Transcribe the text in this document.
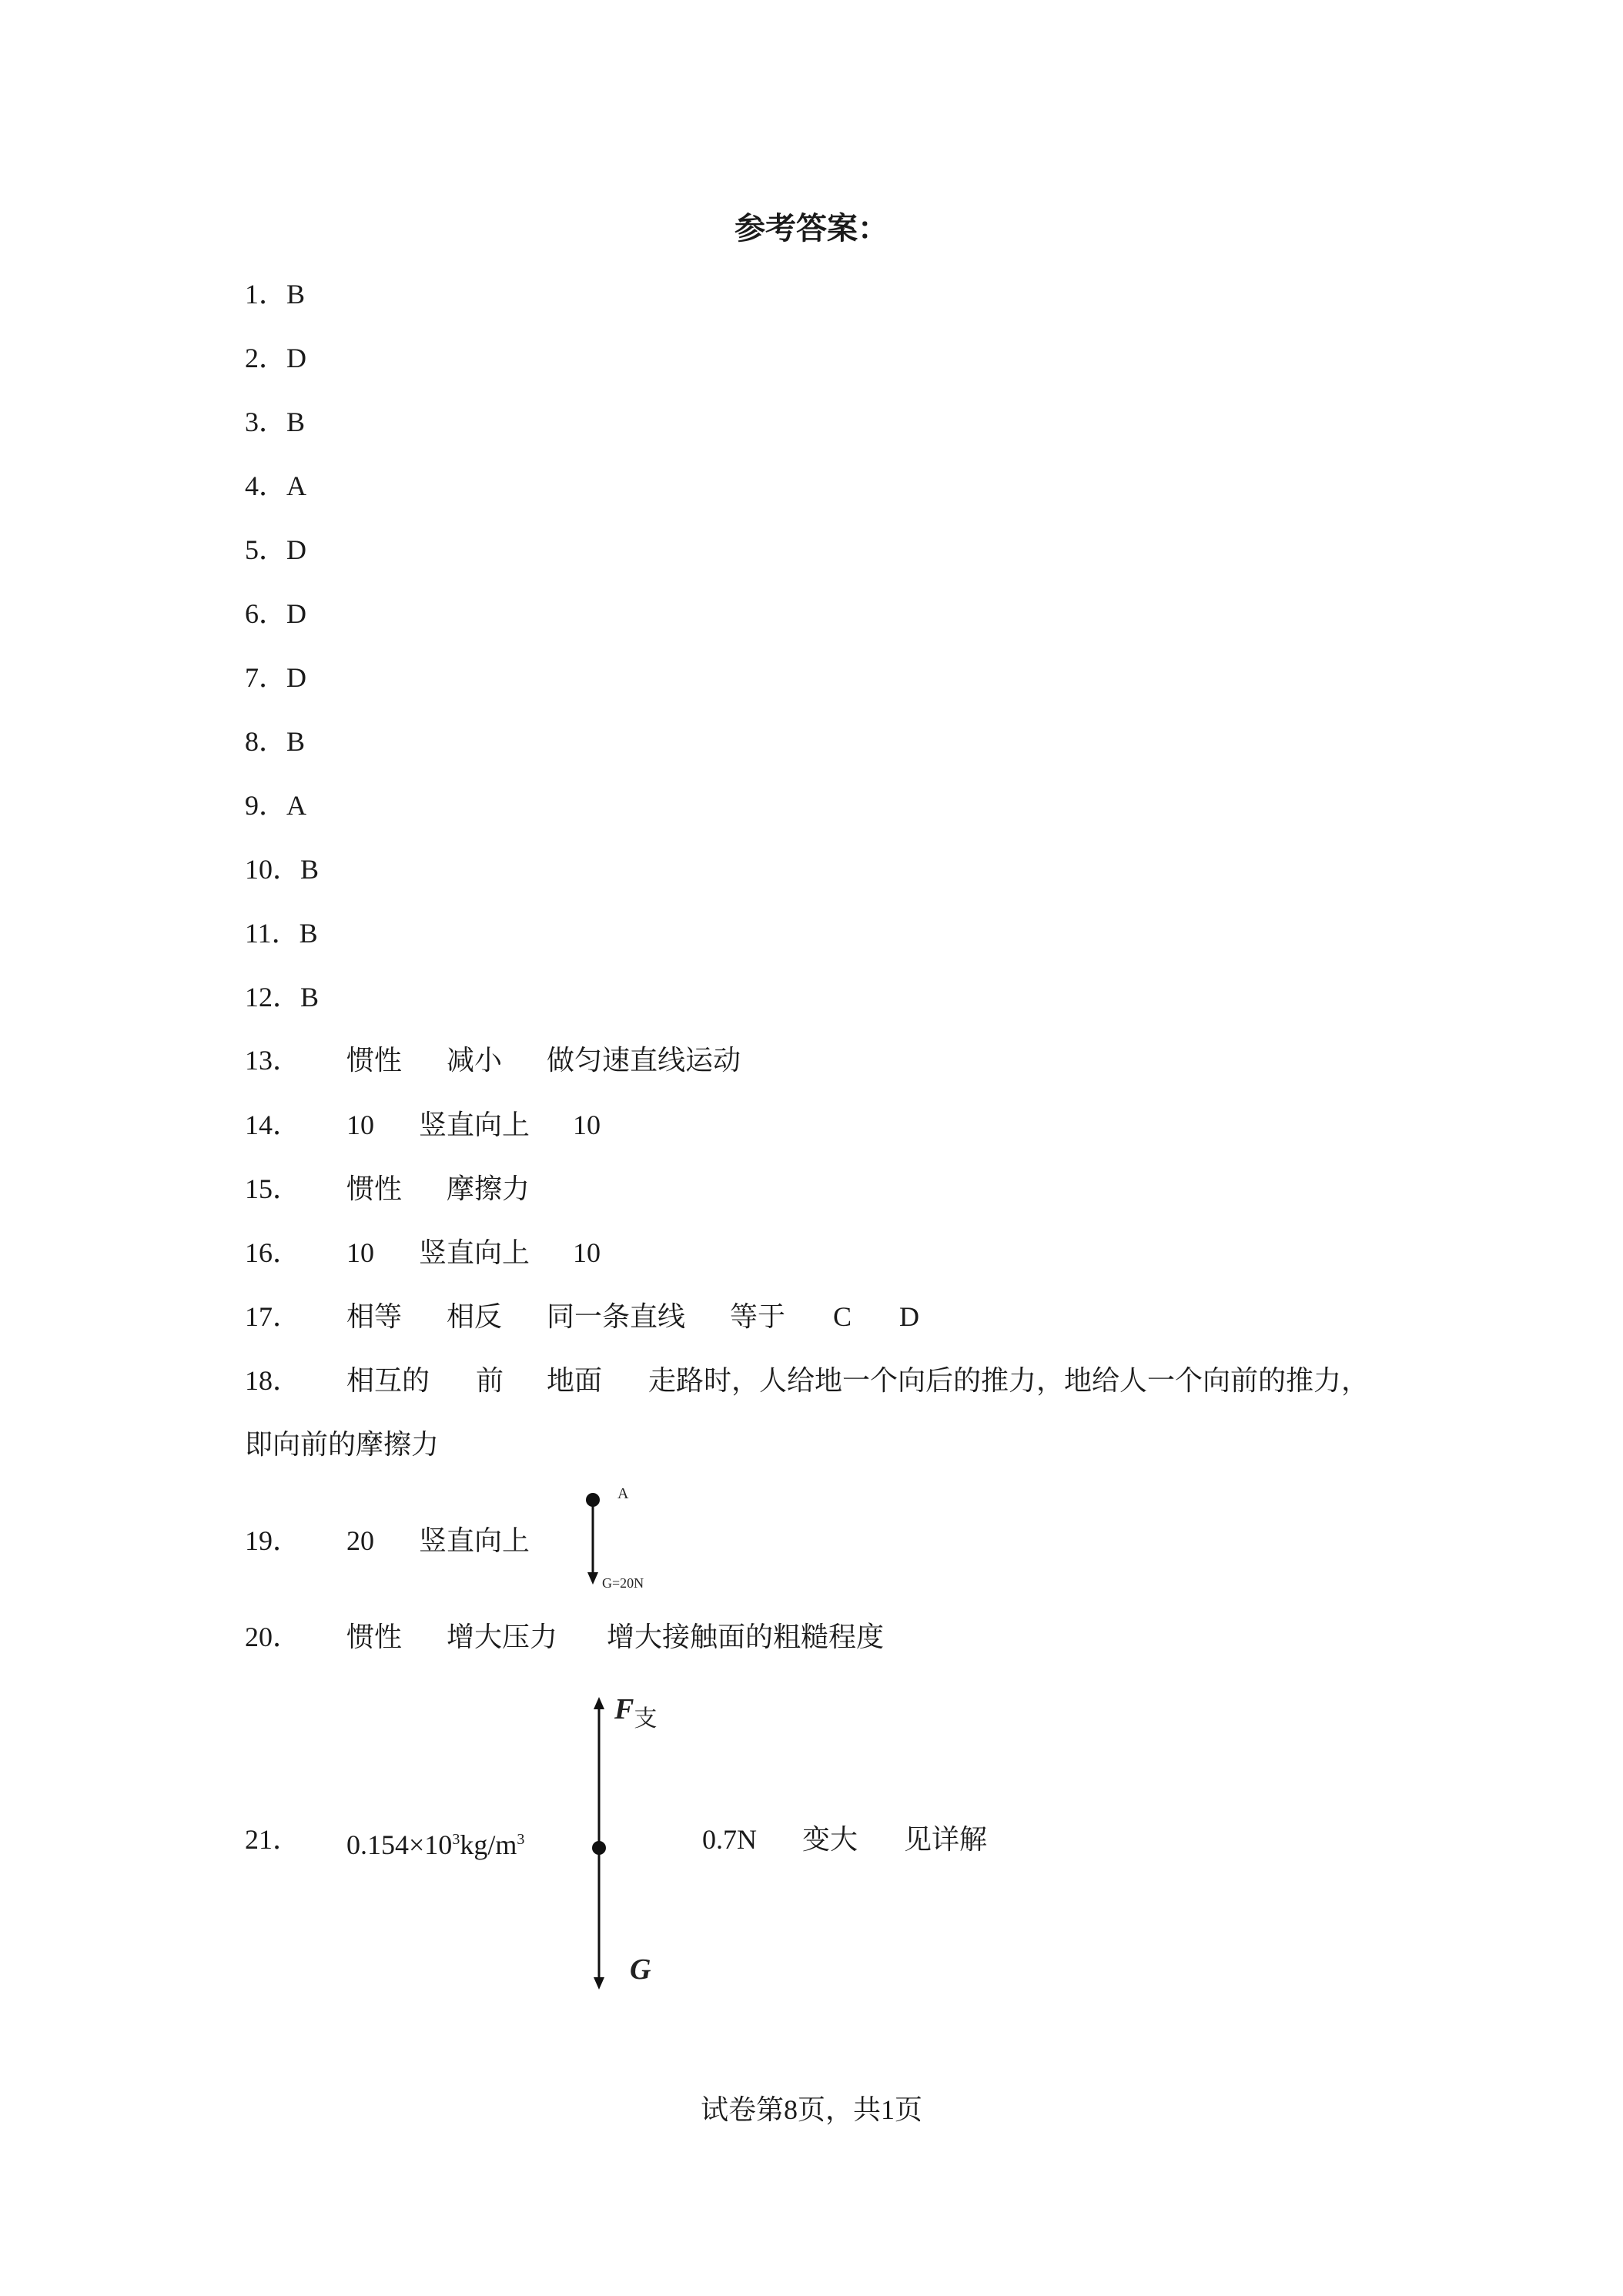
参考答案：
1．B
2．D
3．B
4．A
5．D
6．D
7．D
8．B
9．A
10．B
11．B
12．B
13． 惯性 减小 做匀速直线运动
14． 10 竖直向上 10
15． 惯性 摩擦力
16． 10 竖直向上 10
17． 相等 相反 同一条直线 等于 C D
18． 相互的 前 地面 走路时，人给地一个向后的推力，地给人一个向前的推力，
即向前的摩擦力
19． 20 竖直向上
A
G=20N
20． 惯性 增大压力 增大接触面的粗糙程度
$F_支$
G
21． $0.154\times 10^3kg/m^3$	0.7N 变大 见详解
试卷第8页，共1页
